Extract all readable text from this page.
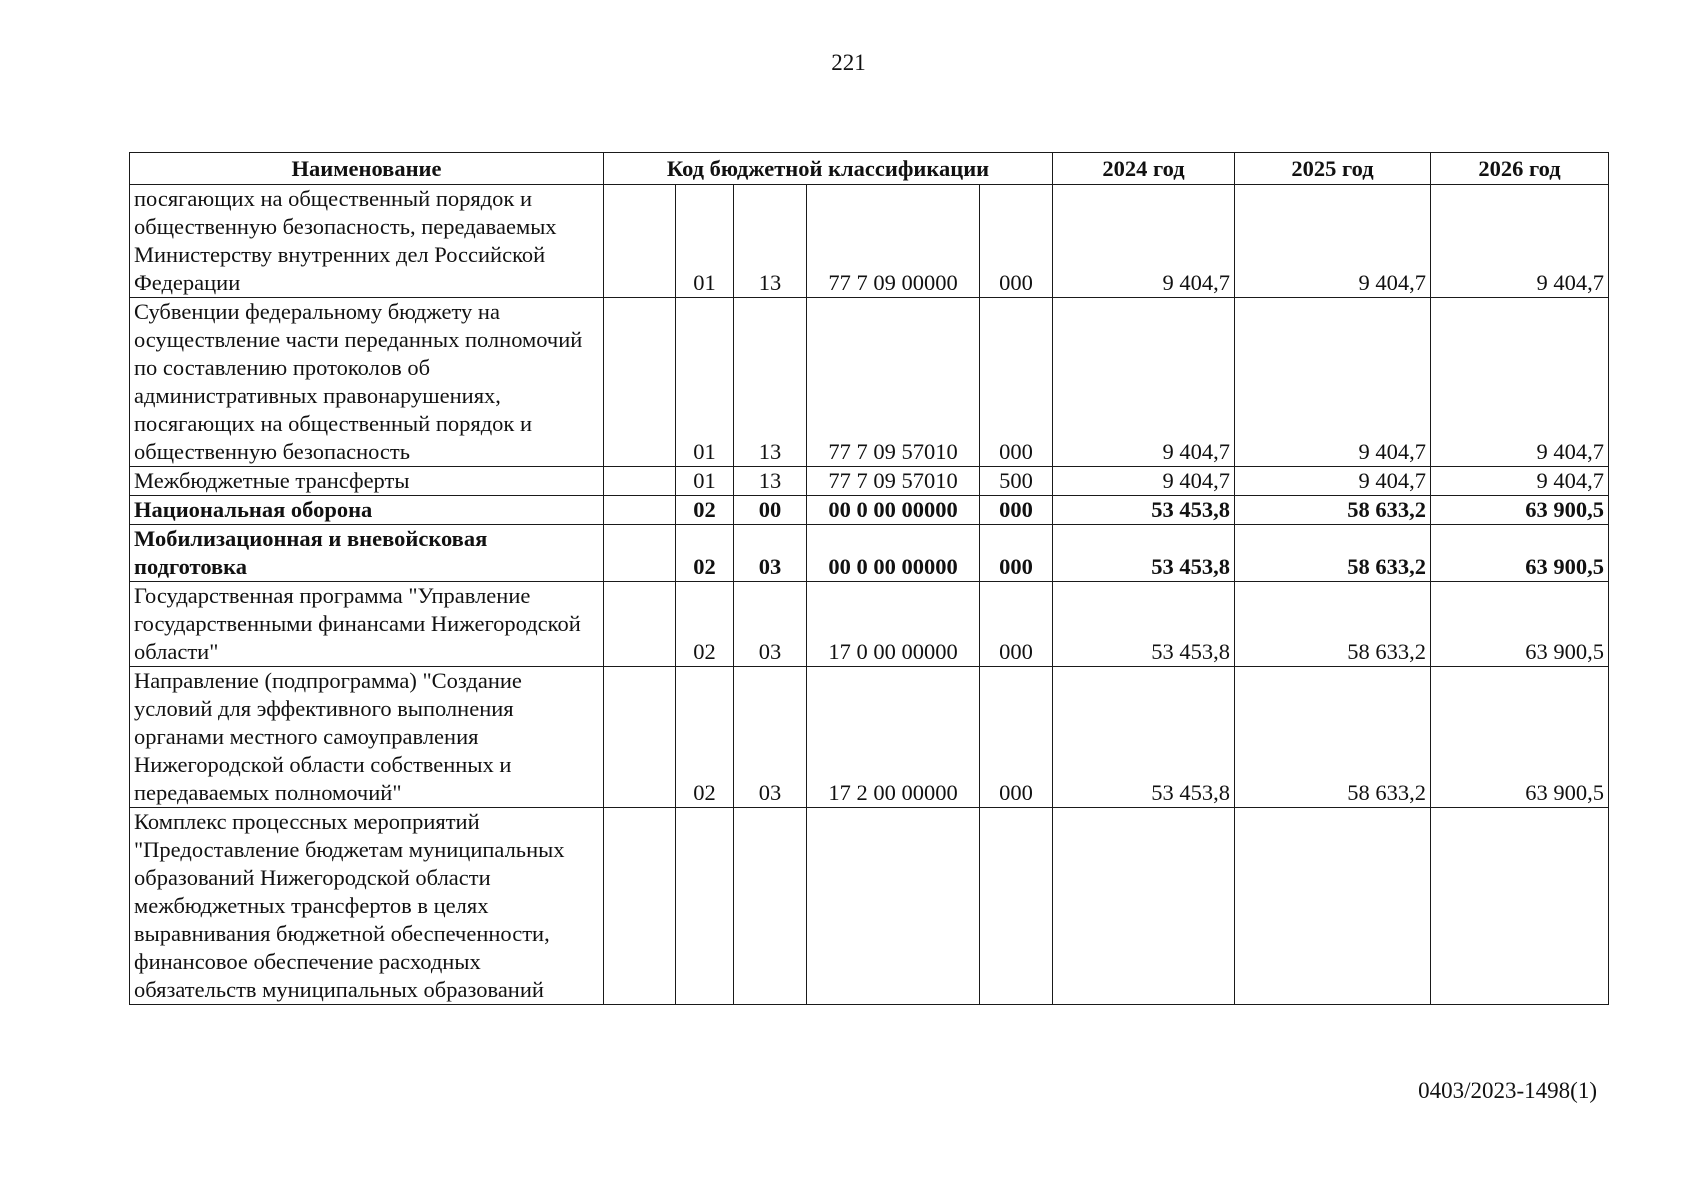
221
Наименование	Код бюджетной классификации					2024 год	2025 год	2026 год
посягающих на общественный порядок и общественную безопасность, передаваемых Министерству внутренних дел Российской Федерации		01	13	77 7 09 00000	000	9 404,7	9 404,7	9 404,7
Субвенции федеральному бюджету на осуществление части переданных полномочий по составлению протоколов об административных правонарушениях, посягающих на общественный порядок и общественную безопасность		01	13	77 7 09 57010	000	9 404,7	9 404,7	9 404,7
Межбюджетные трансферты		01	13	77 7 09 57010	500	9 404,7	9 404,7	9 404,7
Национальная оборона		02	00	00 0 00 00000	000	53 453,8	58 633,2	63 900,5
Мобилизационная и вневойсковая подготовка		02	03	00 0 00 00000	000	53 453,8	58 633,2	63 900,5
Государственная программа "Управление государственными финансами Нижегородской области"		02	03	17 0 00 00000	000	53 453,8	58 633,2	63 900,5
Направление (подпрограмма) "Создание условий для эффективного выполнения органами местного самоуправления Нижегородской области собственных и передаваемых полномочий"		02	03	17 2 00 00000	000	53 453,8	58 633,2	63 900,5
Комплекс процессных мероприятий "Предоставление бюджетам муниципальных образований Нижегородской области межбюджетных трансфертов в целях выравнивания бюджетной обеспеченности, финансовое обеспечение расходных обязательств муниципальных образований								
0403/2023-1498(1)
